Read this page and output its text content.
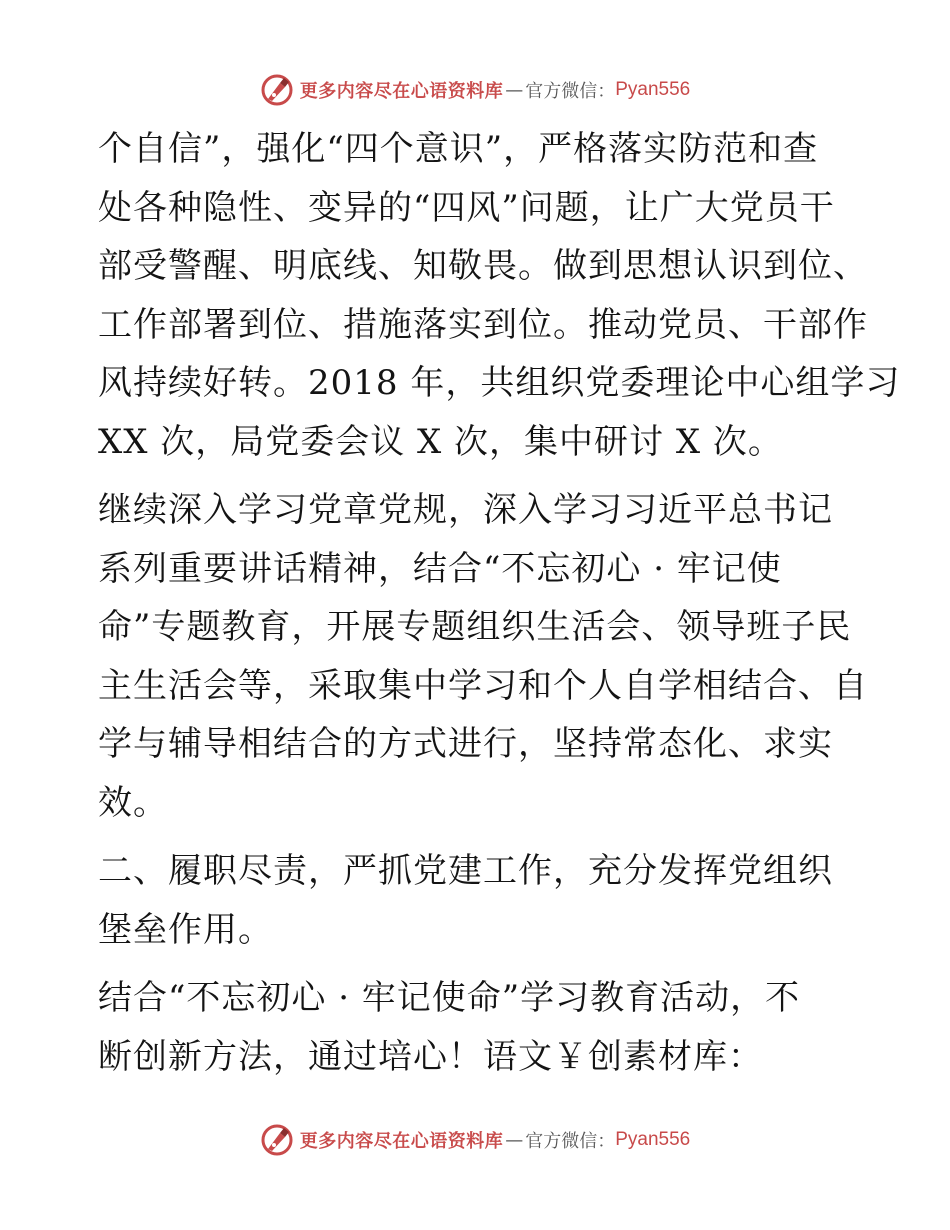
更多内容尽在心语资料库 — 官方微信： Pyan556
个自信”，强化“四个意识”，严格落实防范和查
处各种隐性、变异的“四风”问题，让广大党员干
部受警醒、明底线、知敬畏。做到思想认识到位、
工作部署到位、措施落实到位。推动党员、干部作
风持续好转。2018 年，共组织党委理论中心组学习
XX 次，局党委会议 X 次，集中研讨 X 次。
继续深入学习党章党规，深入学习习近平总书记
系列重要讲话精神，结合“不忘初心 · 牢记使
命”专题教育，开展专题组织生活会、领导班子民
主生活会等，采取集中学习和个人自学相结合、自
学与辅导相结合的方式进行，坚持常态化、求实
效。
二、履职尽责，严抓党建工作，充分发挥党组织
堡垒作用。
结合“不忘初心 · 牢记使命”学习教育活动，不
断创新方法，通过培心！语文￥创素材库：
更多内容尽在心语资料库 — 官方微信： Pyan556
